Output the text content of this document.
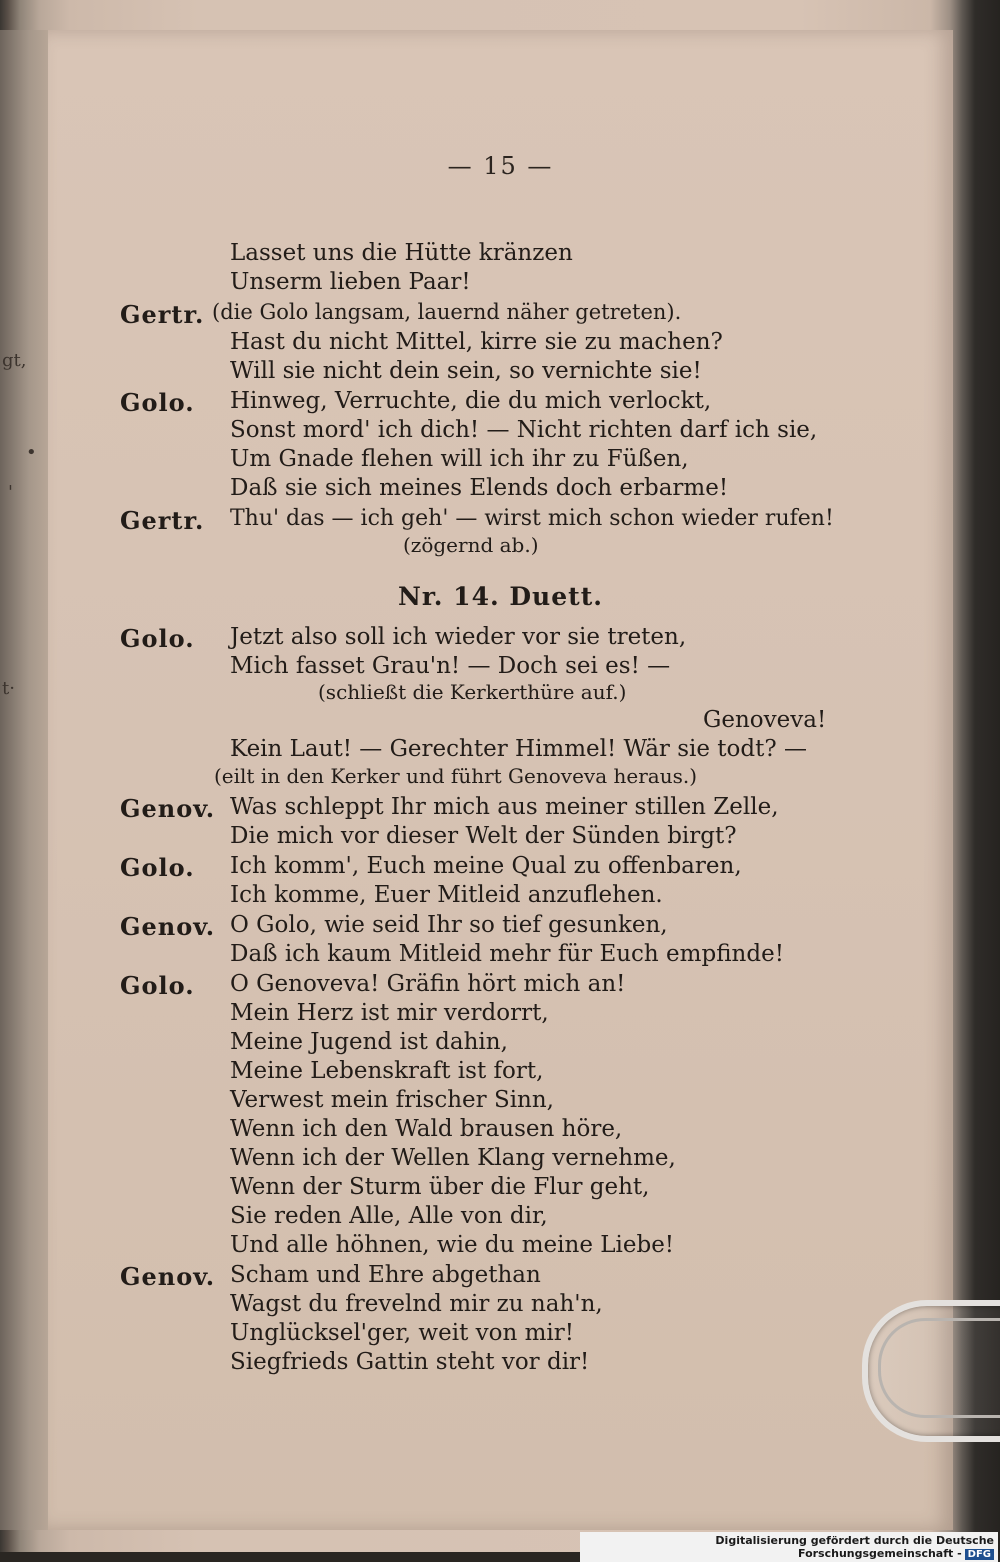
gt,
•
'
t·
— 15 —
Lasset uns die Hütte kränzen
Unserm lieben Paar!
Gertr. (die Golo langsam, lauernd näher getreten).
Hast du nicht Mittel, kirre sie zu machen?
Will sie nicht dein sein, so vernichte sie!
Golo. Hinweg, Verruchte, die du mich verlockt,
Sonst mord' ich dich! — Nicht richten darf ich sie,
Um Gnade flehen will ich ihr zu Füßen,
Daß sie sich meines Elends doch erbarme!
Gertr. Thu' das — ich geh' — wirst mich schon wieder rufen!
(zögernd ab.)
Nr. 14. Duett.
Golo. Jetzt also soll ich wieder vor sie treten,
Mich fasset Grau'n! — Doch sei es! —
(schließt die Kerkerthüre auf.)
Genoveva!
Kein Laut! — Gerechter Himmel! Wär sie todt? —
(eilt in den Kerker und führt Genoveva heraus.)
Genov. Was schleppt Ihr mich aus meiner stillen Zelle,
Die mich vor dieser Welt der Sünden birgt?
Golo. Ich komm', Euch meine Qual zu offenbaren,
Ich komme, Euer Mitleid anzuflehen.
Genov. O Golo, wie seid Ihr so tief gesunken,
Daß ich kaum Mitleid mehr für Euch empfinde!
Golo. O Genoveva! Gräfin hört mich an!
Mein Herz ist mir verdorrt,
Meine Jugend ist dahin,
Meine Lebenskraft ist fort,
Verwest mein frischer Sinn,
Wenn ich den Wald brausen höre,
Wenn ich der Wellen Klang vernehme,
Wenn der Sturm über die Flur geht,
Sie reden Alle, Alle von dir,
Und alle höhnen, wie du meine Liebe!
Genov. Scham und Ehre abgethan
Wagst du frevelnd mir zu nah'n,
Unglücksel'ger, weit von mir!
Siegfrieds Gattin steht vor dir!
Digitalisierung gefördert durch die Deutsche Forschungsgemeinschaft - DFG
